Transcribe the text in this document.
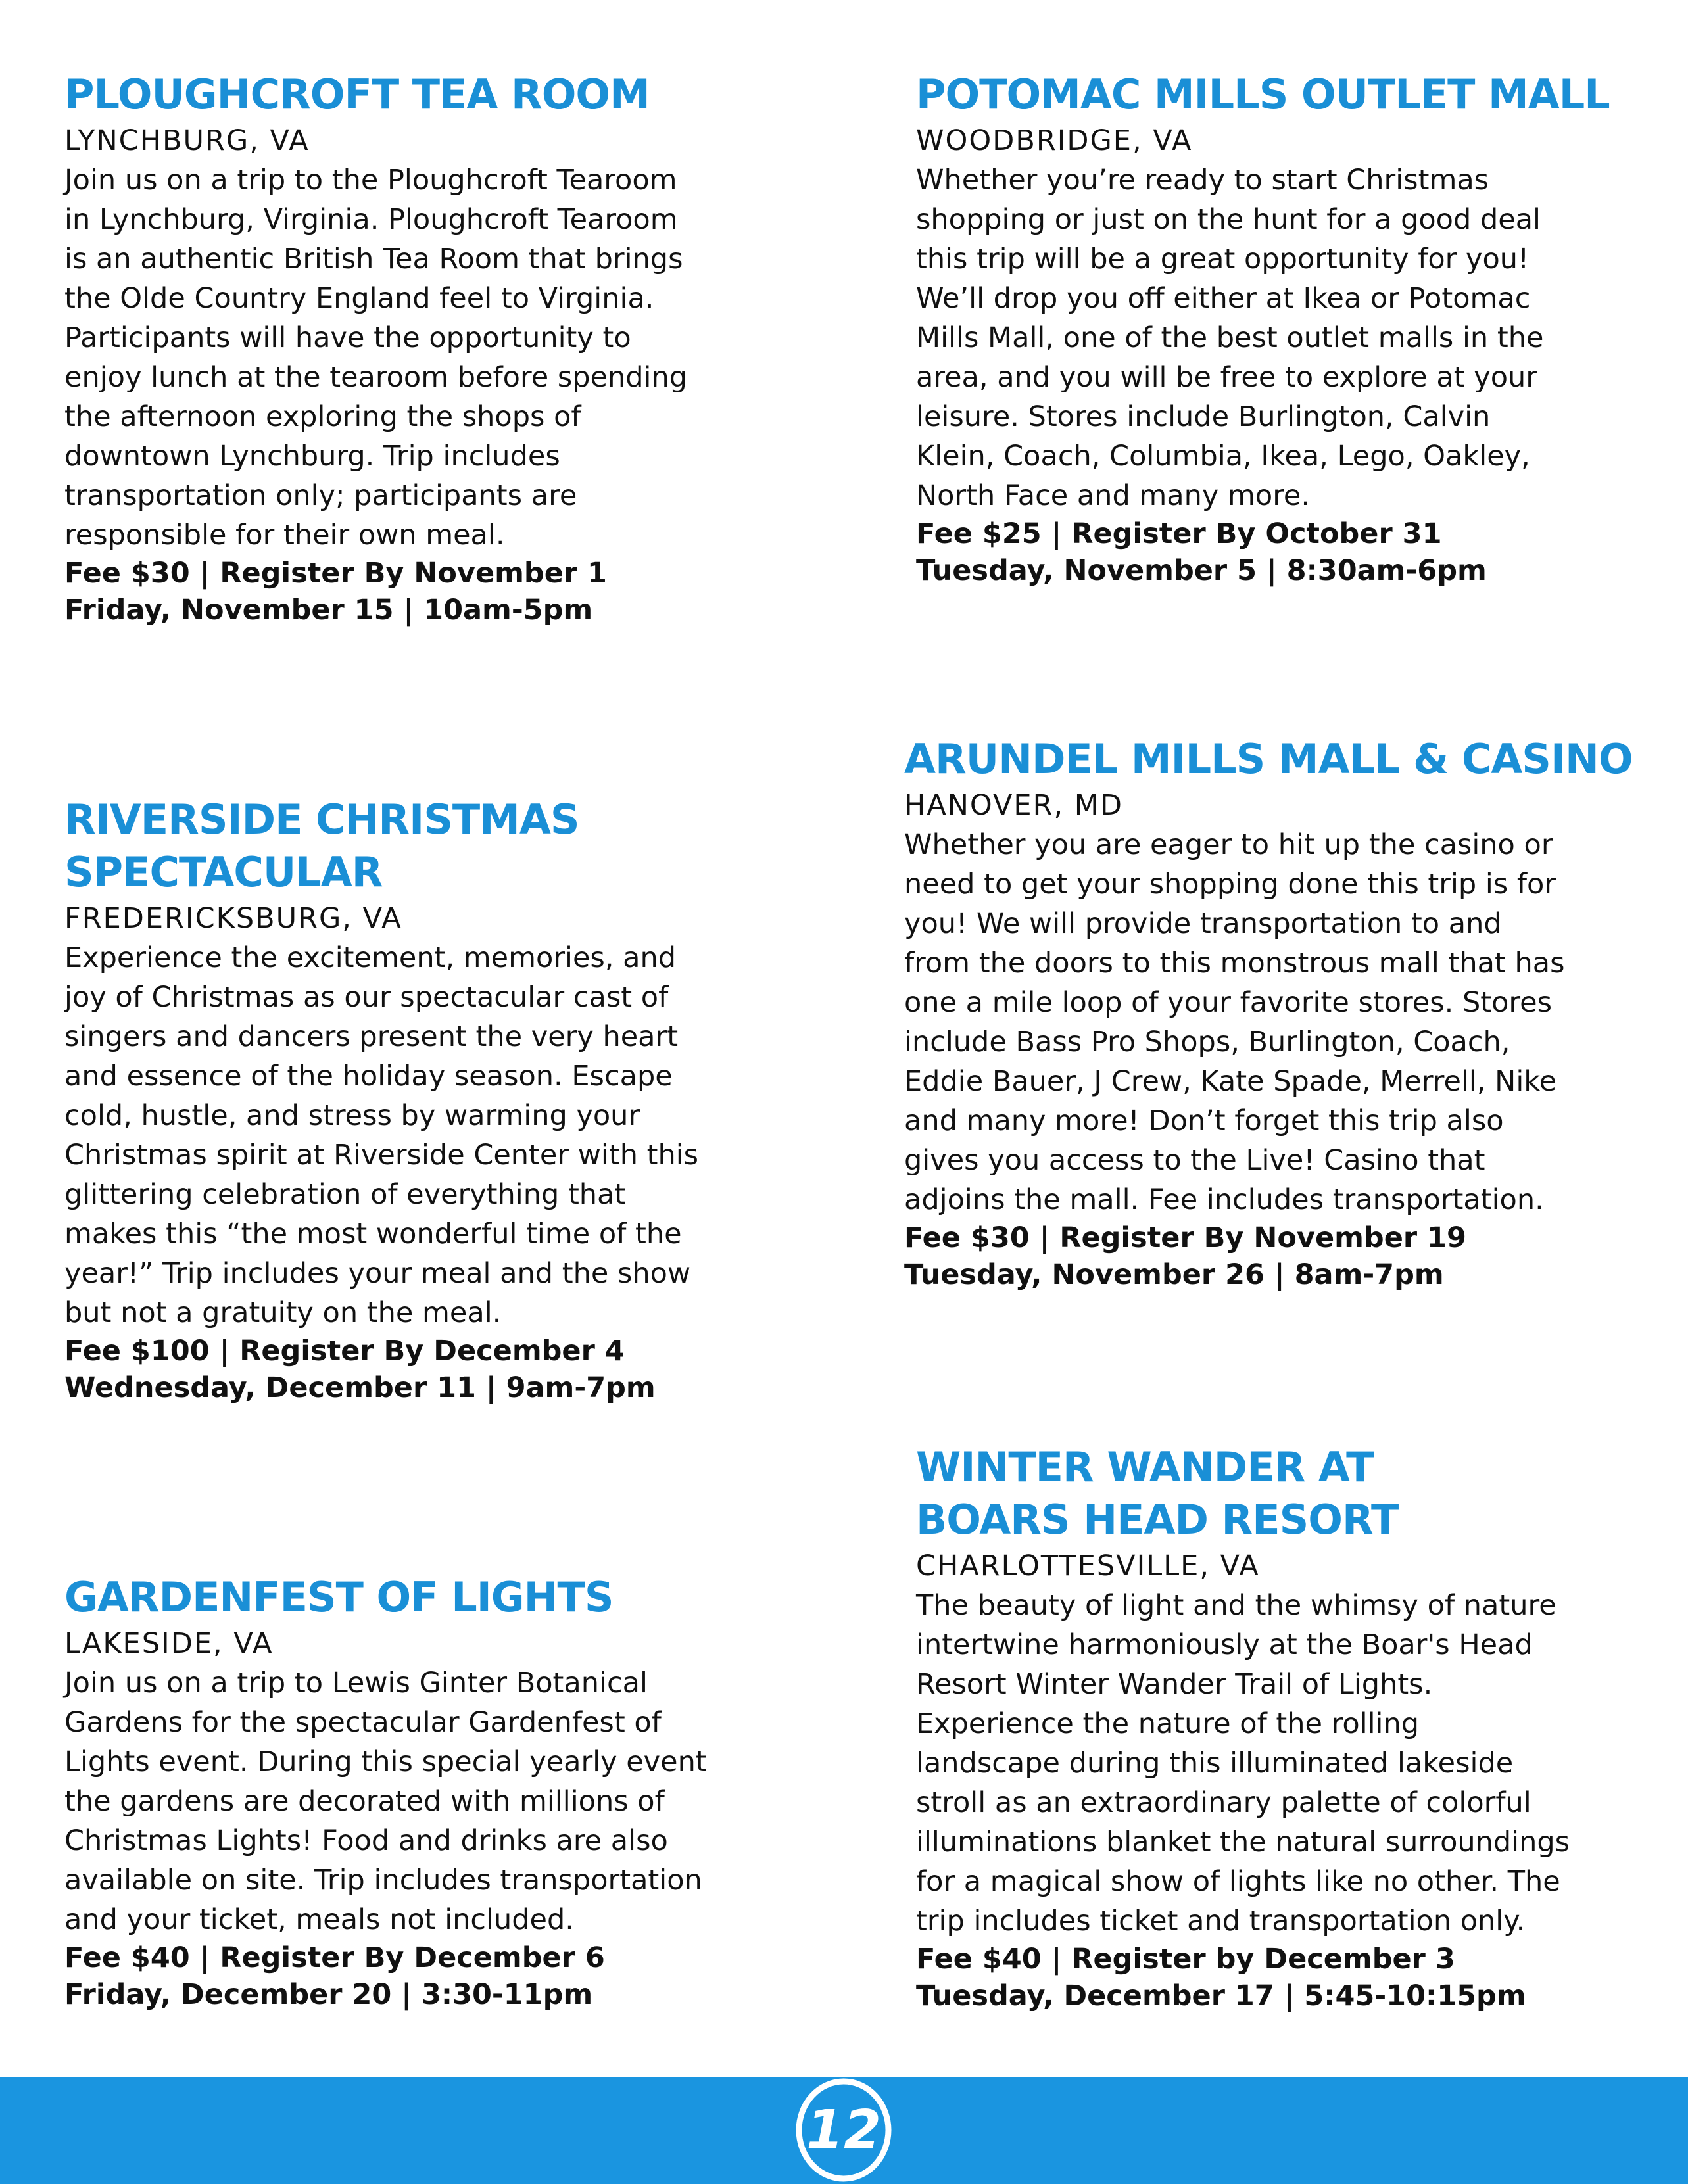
PLOUGHCROFT TEA ROOM

LYNCHBURG, VA

Join us on a trip to the Ploughcroft Tearoom
in Lynchburg, Virginia. Ploughcroft Tearoom
is an authentic British Tea Room that brings
the Olde Country England feel to Virginia.
Participants will have the opportunity to
enjoy lunch at the tearoom before spending
the afternoon exploring the shops of
downtown Lynchburg. Trip includes
transportation only; participants are
responsible for their own meal.

Fee $30 | Register By November 1

Friday, November 15 | 10am-5pm

POTOMAC MILLS OUTLET MALL

WOODBRIDGE, VA

Whether you’re ready to start Christmas
shopping or just on the hunt for a good deal
this trip will be a great opportunity for you!
We’ll drop you off either at Ikea or Potomac
Mills Mall, one of the best outlet malls in the
area, and you will be free to explore at your
leisure. Stores include Burlington, Calvin
Klein, Coach, Columbia, Ikea, Lego, Oakley,
North Face and many more.

Fee $25 | Register By October 31

Tuesday, November 5 | 8:30am-6pm

RIVERSIDE CHRISTMAS
SPECTACULAR

FREDERICKSBURG, VA

Experience the excitement, memories, and
joy of Christmas as our spectacular cast of
singers and dancers present the very heart
and essence of the holiday season. Escape
cold, hustle, and stress by warming your
Christmas spirit at Riverside Center with this
glittering celebration of everything that
makes this “the most wonderful time of the
year!” Trip includes your meal and the show
but not a gratuity on the meal.

Fee $100 | Register By December 4

Wednesday, December 11 | 9am-7pm

ARUNDEL MILLS MALL & CASINO

HANOVER, MD

Whether you are eager to hit up the casino or
need to get your shopping done this trip is for
you! We will provide transportation to and
from the doors to this monstrous mall that has
one a mile loop of your favorite stores. Stores
include Bass Pro Shops, Burlington, Coach,
Eddie Bauer, J Crew, Kate Spade, Merrell, Nike
and many more! Don’t forget this trip also
gives you access to the Live! Casino that
adjoins the mall. Fee includes transportation.

Fee $30 | Register By November 19

Tuesday, November 26 | 8am-7pm

GARDENFEST OF LIGHTS

LAKESIDE, VA

Join us on a trip to Lewis Ginter Botanical
Gardens for the spectacular Gardenfest of
Lights event. During this special yearly event
the gardens are decorated with millions of
Christmas Lights! Food and drinks are also
available on site. Trip includes transportation
and your ticket, meals not included.

Fee $40 | Register By December 6

Friday, December 20 | 3:30-11pm

WINTER WANDER AT
BOARS HEAD RESORT

CHARLOTTESVILLE, VA

The beauty of light and the whimsy of nature
intertwine harmoniously at the Boar's Head
Resort Winter Wander Trail of Lights.
Experience the nature of the rolling
landscape during this illuminated lakeside
stroll as an extraordinary palette of colorful
illuminations blanket the natural surroundings
for a magical show of lights like no other. The
trip includes ticket and transportation only.

Fee $40 | Register by December 3

Tuesday, December 17 | 5:45-10:15pm

12
